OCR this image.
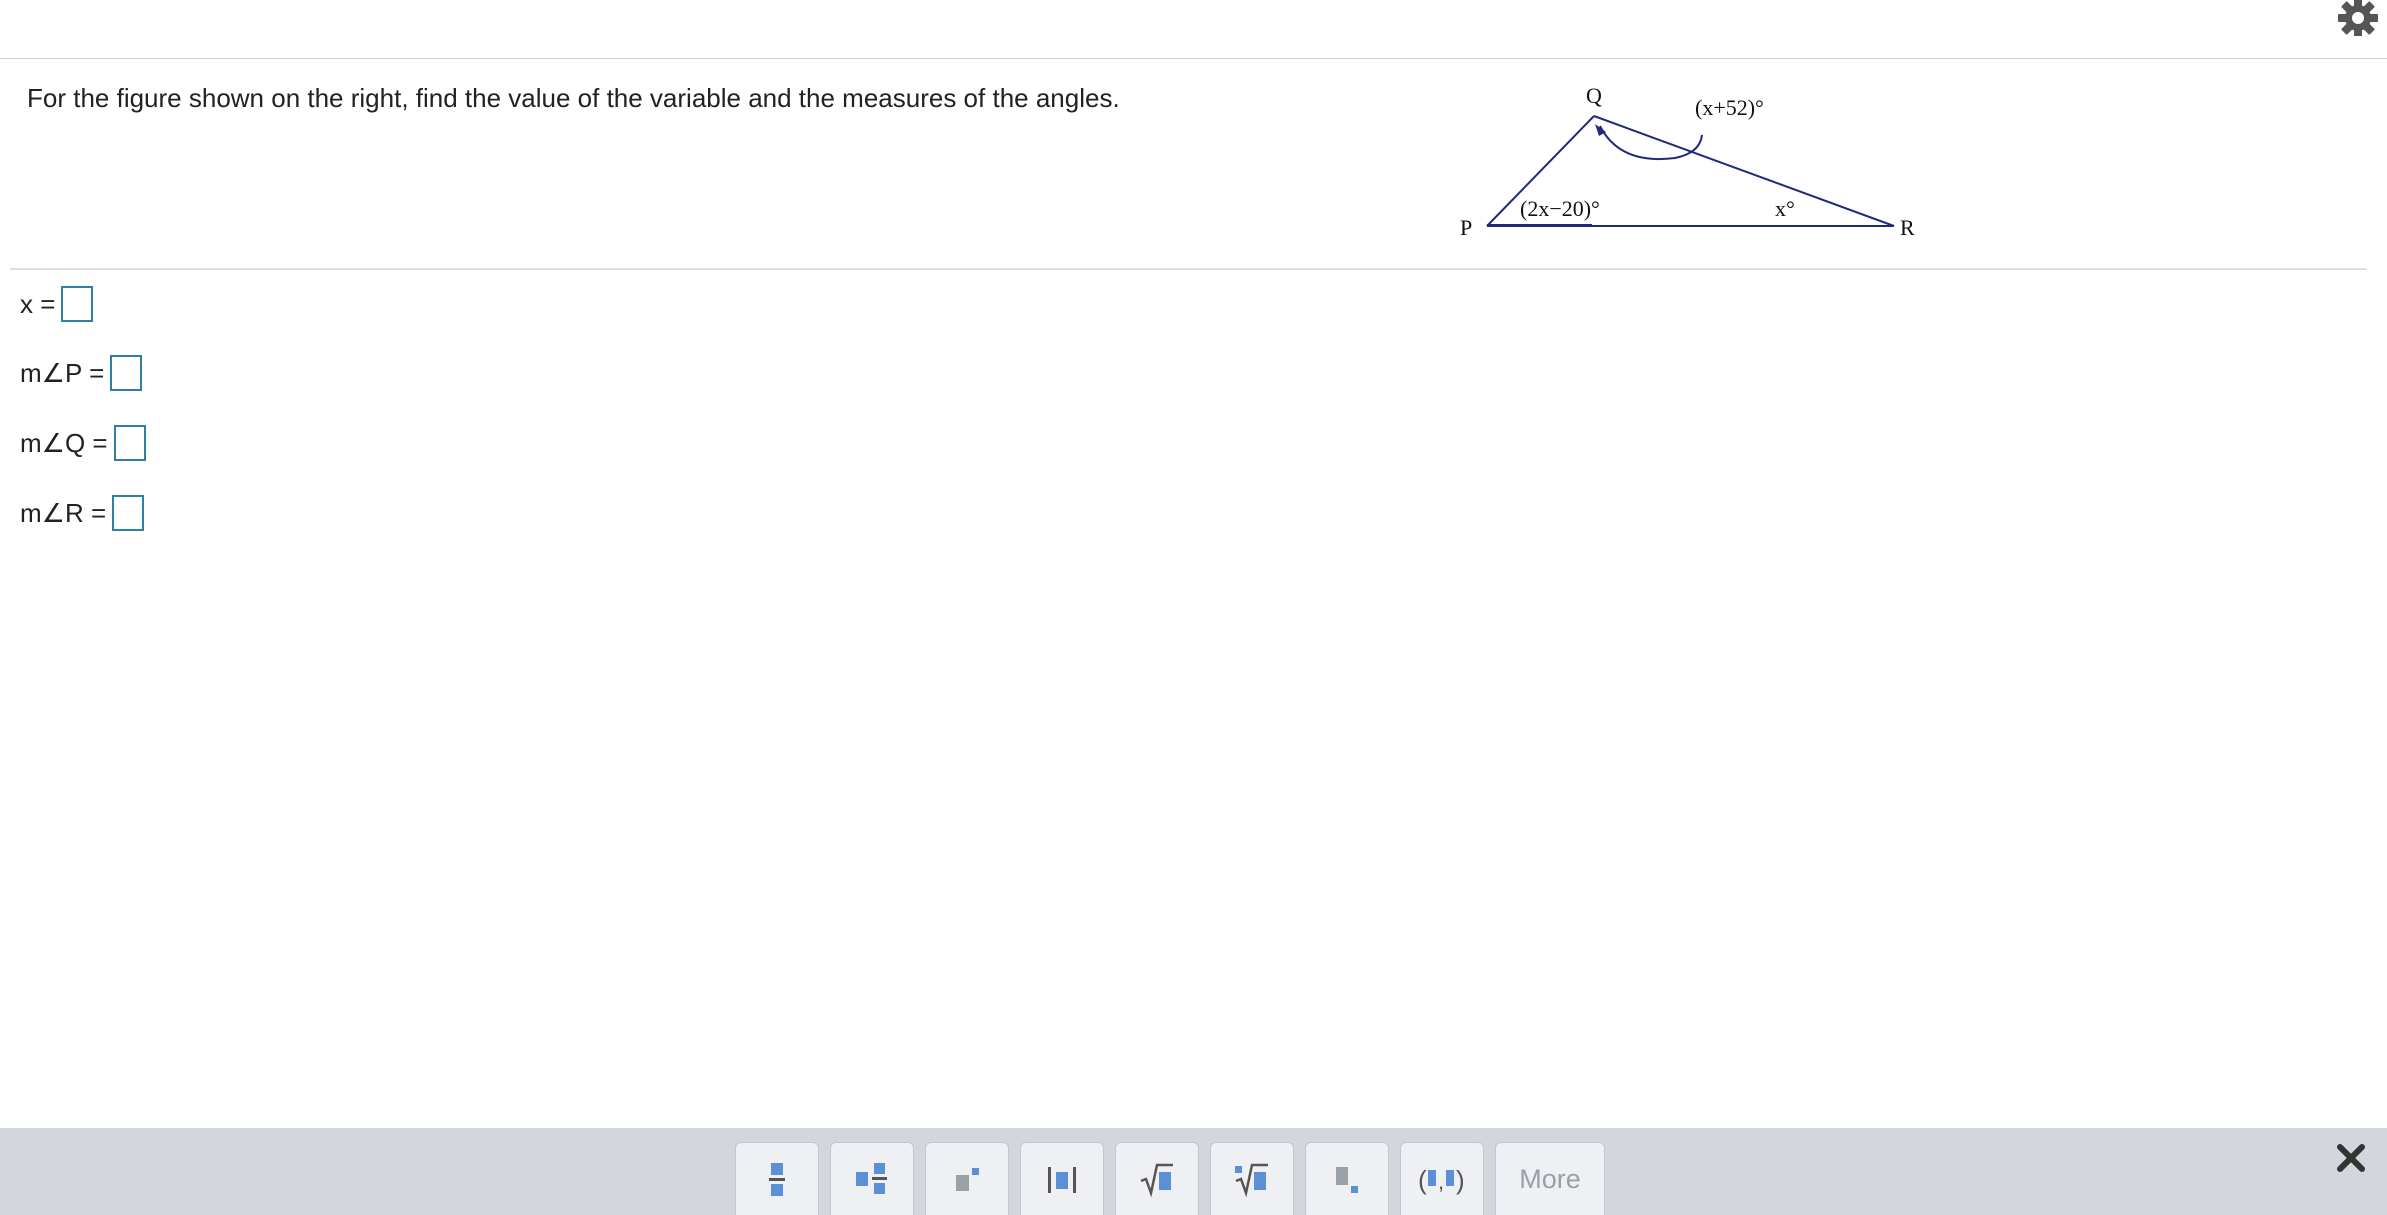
For the figure shown on the right, find the value of the variable and the measures of the angles.	Q
P	R
(x+52)°
(2x−20)°	x°
x =
m∠P =
m∠Q =
m∠R =
( , )	More
